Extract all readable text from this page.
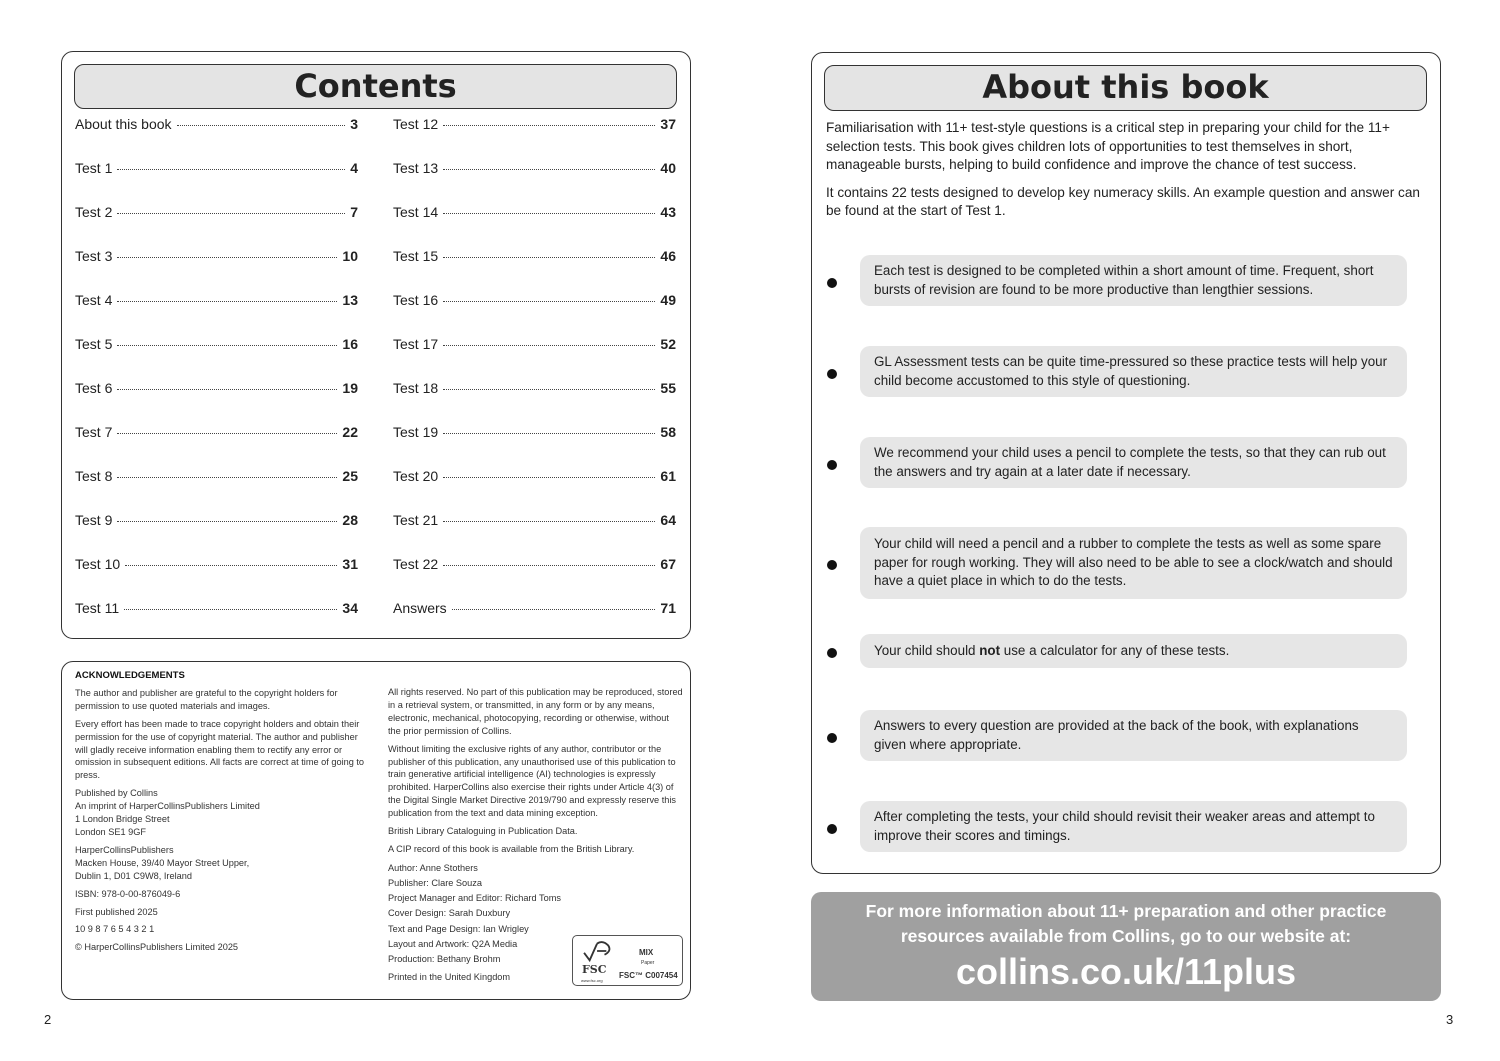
Contents
About this book	3
Test 1	4
Test 2	7
Test 3	10
Test 4	13
Test 5	16
Test 6	19
Test 7	22
Test 8	25
Test 9	28
Test 10	31
Test 11	34
Test 12	37
Test 13	40
Test 14	43
Test 15	46
Test 16	49
Test 17	52
Test 18	55
Test 19	58
Test 20	61
Test 21	64
Test 22	67
Answers	71
ACKNOWLEDGEMENTS

The author and publisher are grateful to the copyright holders for permission to use quoted materials and images.

Every effort has been made to trace copyright holders and obtain their permission for the use of copyright material. The author and publisher will gladly receive information enabling them to rectify any error or omission in subsequent editions. All facts are correct at time of going to press.

Published by Collins
An imprint of HarperCollinsPublishers Limited
1 London Bridge Street
London SE1 9GF

HarperCollinsPublishers
Macken House, 39/40 Mayor Street Upper,
Dublin 1, D01 C9W8, Ireland

ISBN: 978-0-00-876049-6

First published 2025

10 9 8 7 6 5 4 3 2 1

© HarperCollinsPublishers Limited 2025

All rights reserved. No part of this publication may be reproduced, stored in a retrieval system, or transmitted, in any form or by any means, electronic, mechanical, photocopying, recording or otherwise, without the prior permission of Collins.

Without limiting the exclusive rights of any author, contributor or the publisher of this publication, any unauthorised use of this publication to train generative artificial intelligence (AI) technologies is expressly prohibited. HarperCollins also exercise their rights under Article 4(3) of the Digital Single Market Directive 2019/790 and expressly reserve this publication from the text and data mining exception.

British Library Cataloguing in Publication Data.

A CIP record of this book is available from the British Library.

Author: Anne Stothers
Publisher: Clare Souza
Project Manager and Editor: Richard Toms
Cover Design: Sarah Duxbury
Text and Page Design: Ian Wrigley
Layout and Artwork: Q2A Media
Production: Bethany Brohm

Printed in the United Kingdom

FSC
www.fsc.org
MIX
Paper
FSC™ C007454
About this book
Familiarisation with 11+ test-style questions is a critical step in preparing your child for the 11+ selection tests. This book gives children lots of opportunities to test themselves in short, manageable bursts, helping to build confidence and improve the chance of test success.
It contains 22 tests designed to develop key numeracy skills. An example question and answer can be found at the start of Test 1.
Each test is designed to be completed within a short amount of time. Frequent, short bursts of revision are found to be more productive than lengthier sessions.
GL Assessment tests can be quite time-pressured so these practice tests will help your child become accustomed to this style of questioning.
We recommend your child uses a pencil to complete the tests, so that they can rub out the answers and try again at a later date if necessary.
Your child will need a pencil and a rubber to complete the tests as well as some spare paper for rough working. They will also need to be able to see a clock/watch and should have a quiet place in which to do the tests.
Your child should not use a calculator for any of these tests.
Answers to every question are provided at the back of the book, with explanations given where appropriate.
After completing the tests, your child should revisit their weaker areas and attempt to improve their scores and timings.
For more information about 11+ preparation and other practice
resources available from Collins, go to our website at:
collins.co.uk/11plus
2	3
